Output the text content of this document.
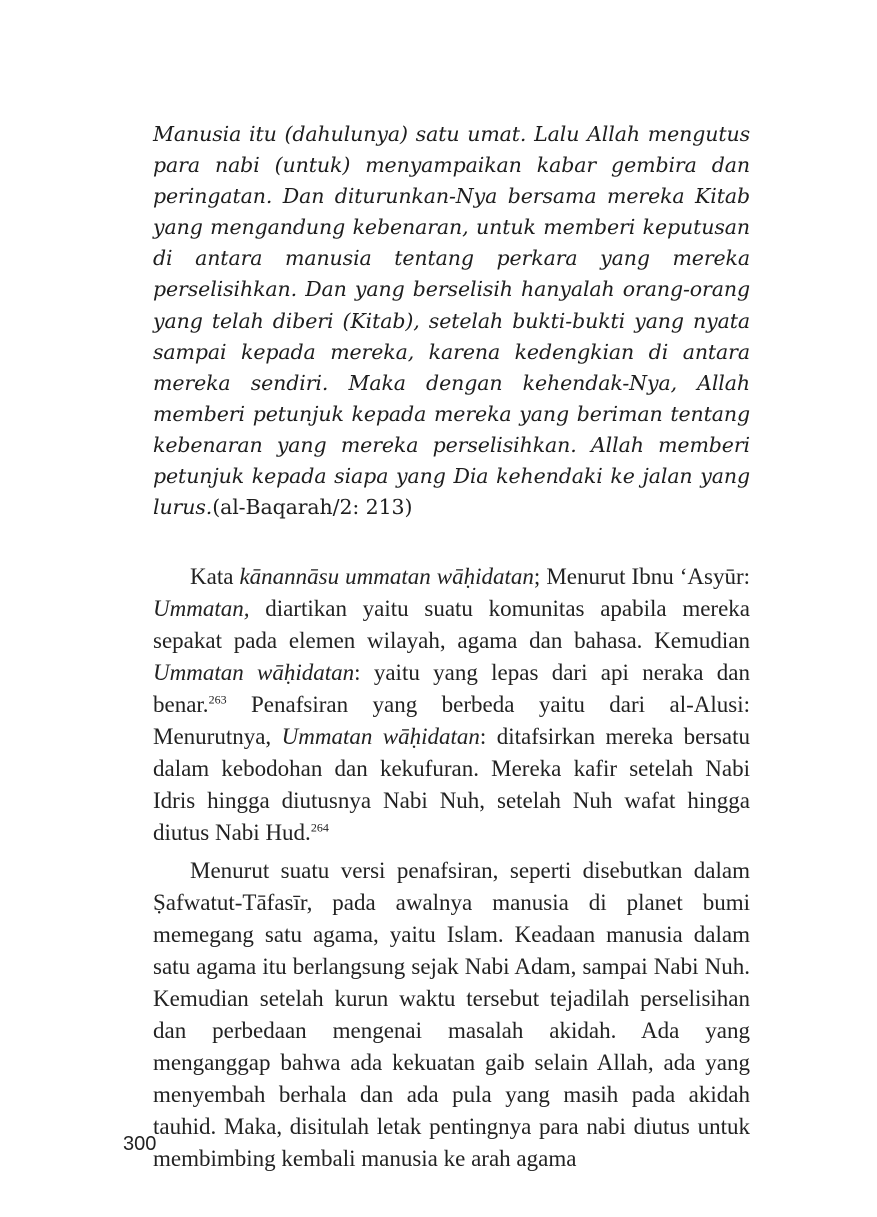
Manusia itu (dahulunya) satu umat. Lalu Allah mengutus para nabi (untuk) menyampaikan kabar gembira dan peringatan. Dan diturunkan-Nya bersama mereka Kitab yang mengandung kebenaran, untuk memberi keputusan di antara manusia tentang perkara yang mereka perselisihkan. Dan yang berselisih hanyalah orang-orang yang telah diberi (Kitab), setelah bukti-bukti yang nyata sampai kepada mereka, karena kedengkian di antara mereka sendiri. Maka dengan kehendak-Nya, Allah memberi petunjuk kepada mereka yang beriman tentang kebenaran yang mereka perselisihkan. Allah memberi petunjuk kepada siapa yang Dia kehendaki ke jalan yang lurus.(al-Baqarah/2: 213)

Kata kānannāsu ummatan wāḥidatan; Menurut Ibnu ‘Asyūr: Ummatan, diartikan yaitu suatu komunitas apabila mereka sepakat pada elemen wilayah, agama dan bahasa. Kemudian Ummatan wāḥidatan: yaitu yang lepas dari api neraka dan benar.$^{263}$ Penafsiran yang berbeda yaitu dari al-Alusi: Menurutnya, Ummatan wāḥidatan: ditafsirkan mereka bersatu dalam kebodohan dan kekufuran. Mereka kafir setelah Nabi Idris hingga diutusnya Nabi Nuh, setelah Nuh wafat hingga diutus Nabi Hud.$^{264}$

Menurut suatu versi penafsiran, seperti disebutkan dalam Ṣafwatut-Tāfasīr, pada awalnya manusia di planet bumi memegang satu agama, yaitu Islam. Keadaan manusia dalam satu agama itu berlangsung sejak Nabi Adam, sampai Nabi Nuh. Kemudian setelah kurun waktu tersebut tejadilah perselisihan dan perbedaan mengenai masalah akidah. Ada yang menganggap bahwa ada kekuatan gaib selain Allah, ada yang menyembah berhala dan ada pula yang masih pada akidah tauhid. Maka, disitulah letak pentingnya para nabi diutus untuk membimbing kembali manusia ke arah agama

300
